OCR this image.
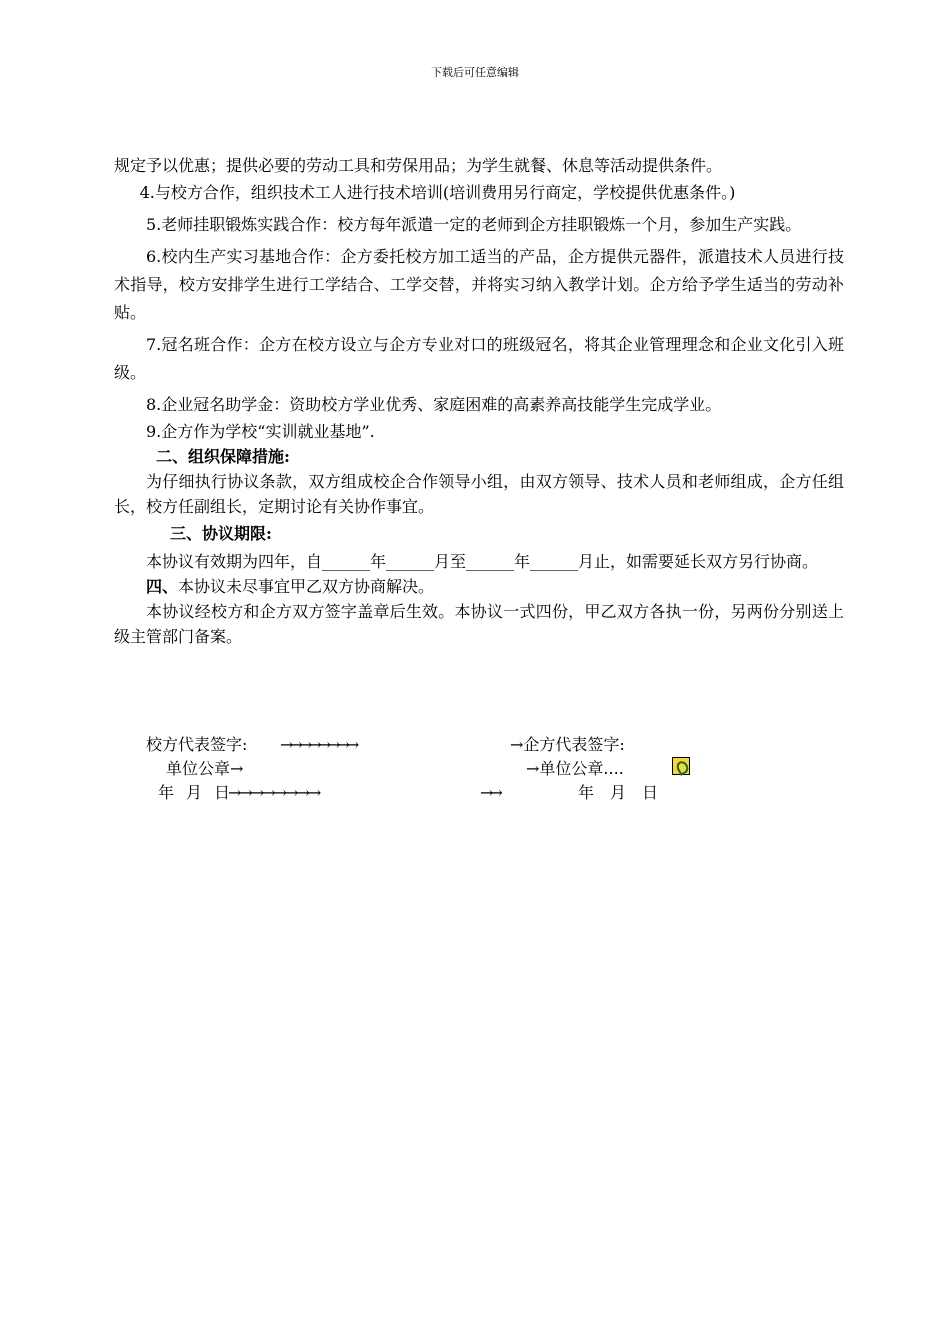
下载后可任意编辑

规定予以优惠；提供必要的劳动工具和劳保用品；为学生就餐、休息等活动提供条件。

4.与校方合作，组织技术工人进行技术培训(培训费用另行商定，学校提供优惠条件。)

5.老师挂职锻炼实践合作：校方每年派遣一定的老师到企方挂职锻炼一个月，参加生产实践。

6.校内生产实习基地合作：企方委托校方加工适当的产品，企方提供元器件，派遣技术人员进行技术指导，校方安排学生进行工学结合、工学交替，并将实习纳入教学计划。企方给予学生适当的劳动补贴。

7.冠名班合作：企方在校方设立与企方专业对口的班级冠名，将其企业管理理念和企业文化引入班级。

8.企业冠名助学金：资助校方学业优秀、家庭困难的高素养高技能学生完成学业。

9.企方作为学校“实训就业基地”.

二、组织保障措施:

为仔细执行协议条款，双方组成校企合作领导小组，由双方领导、技术人员和老师组成，企方任组长，校方任副组长，定期讨论有关协作事宜。

三、协议期限:

本协议有效期为四年，自______年______月至______年______月止，如需要延长双方另行协商。

四、本协议未尽事宜甲乙双方协商解决。

本协议经校方和企方双方签字盖章后生效。本协议一式四份，甲乙双方各执一份，另两份分别送上级主管部门备案。

校方代表签字: →→→→→→→→	→企方代表签字:
单位公章→	→单位公章....
年　月　日→→→→→→→→	→→	年　月　日
